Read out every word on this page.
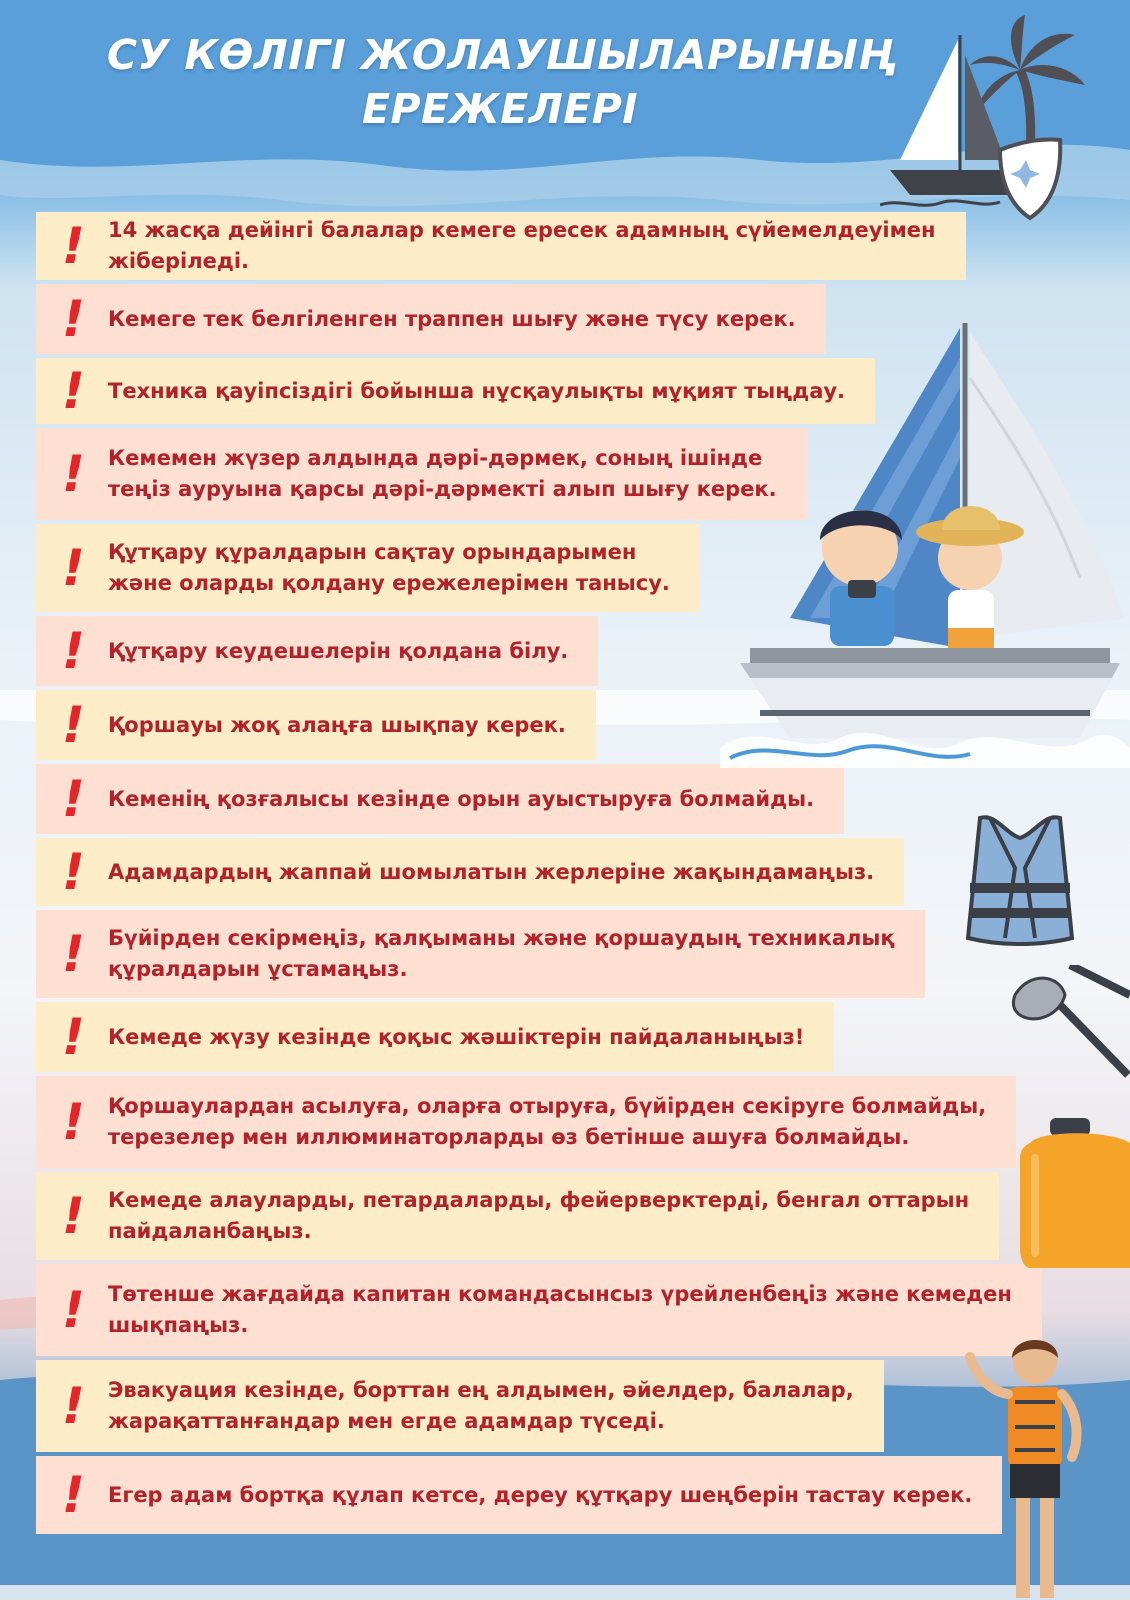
СУ КӨЛІГІ ЖОЛАУШЫЛАРЫНЫҢ
ЕРЕЖЕЛЕРІ
! 14 жасқа дейінгі балалар кемеге ересек адамның сүйемелдеуімен
жіберіледі.
! Кемеге тек белгіленген траппен шығу және түсу керек.
! Техника қауіпсіздігі бойынша нұсқаулықты мұқият тыңдау.
! Кемемен жүзер алдында дәрі-дәрмек, соның ішінде
теңіз ауруына қарсы дәрі-дәрмекті алып шығу керек.
! Құтқару құралдарын сақтау орындарымен
және оларды қолдану ережелерімен танысу.
! Құтқару кеудешелерін қолдана білу.
! Қоршауы жоқ алаңға шықпау керек.
! Кеменің қозғалысы кезінде орын ауыстыруға болмайды.
! Адамдардың жаппай шомылатын жерлеріне жақындамаңыз.
! Бүйірден секірмеңіз, қалқыманы және қоршаудың техникалық
құралдарын ұстамаңыз.
! Кемеде жүзу кезінде қоқыс жәшіктерін пайдаланыңыз!
! Қоршаулардан асылуға, оларға отыруға, бүйірден секіруге болмайды,
терезелер мен иллюминаторларды өз бетінше ашуға болмайды.
! Кемеде алауларды, петардаларды, фейерверктерді, бенгал оттарын
пайдаланбаңыз.
! Төтенше жағдайда капитан командасынсыз үрейленбеңіз және кемеден
шықпаңыз.
! Эвакуация кезінде, борттан ең алдымен, әйелдер, балалар,
жарақаттанғандар мен егде адамдар түседі.
! Егер адам бортқа құлап кетсе, дереу құтқару шеңберін тастау керек.
